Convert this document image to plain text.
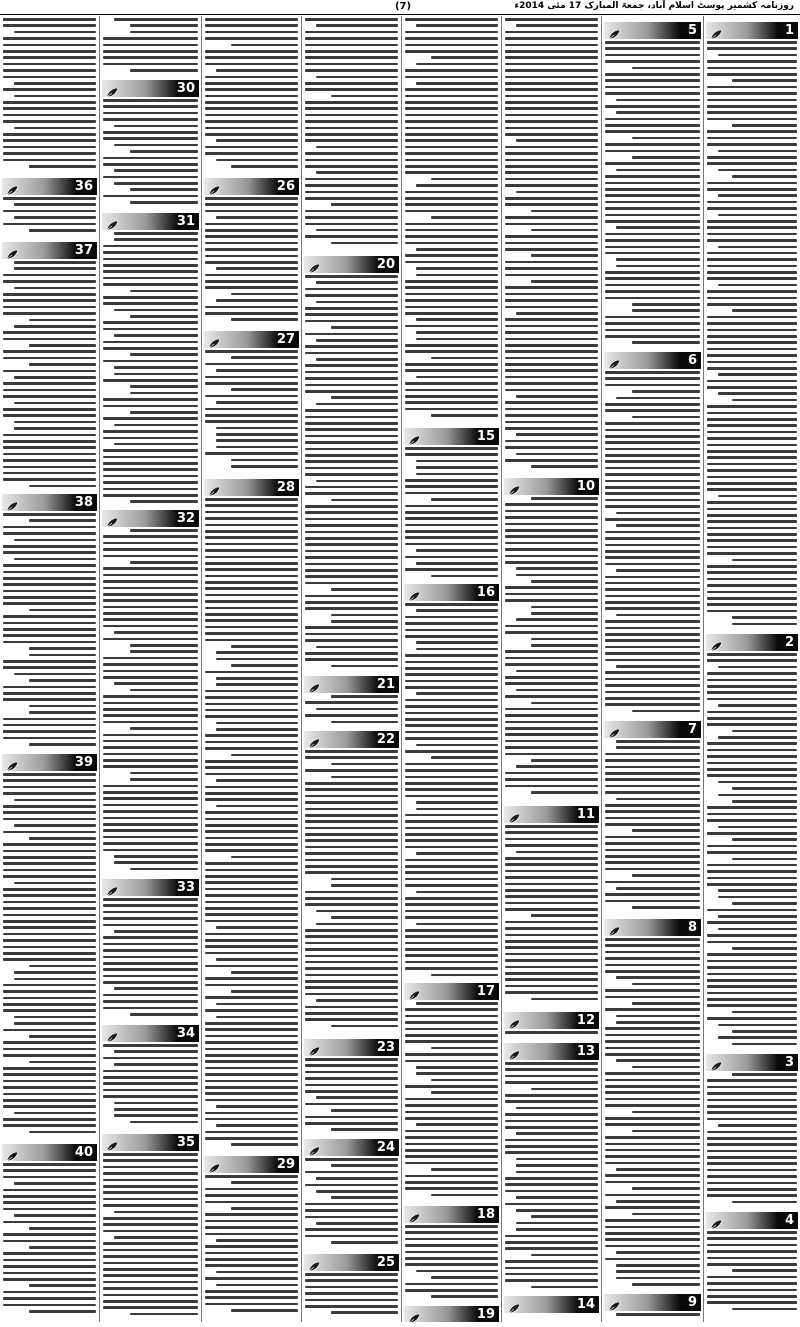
(7)	روزنامہ کشمیر پوسٹ اسلام آباد، جمعۃ المبارک 17 مئی 2014ء
1
2
3
4
5
6
7
8
9
10
11
12
13
14
15
16
17
18
19
20
21
22
23
24
25
26
27
28
29
30
31
32
33
34
35
36
37
38
39
40
